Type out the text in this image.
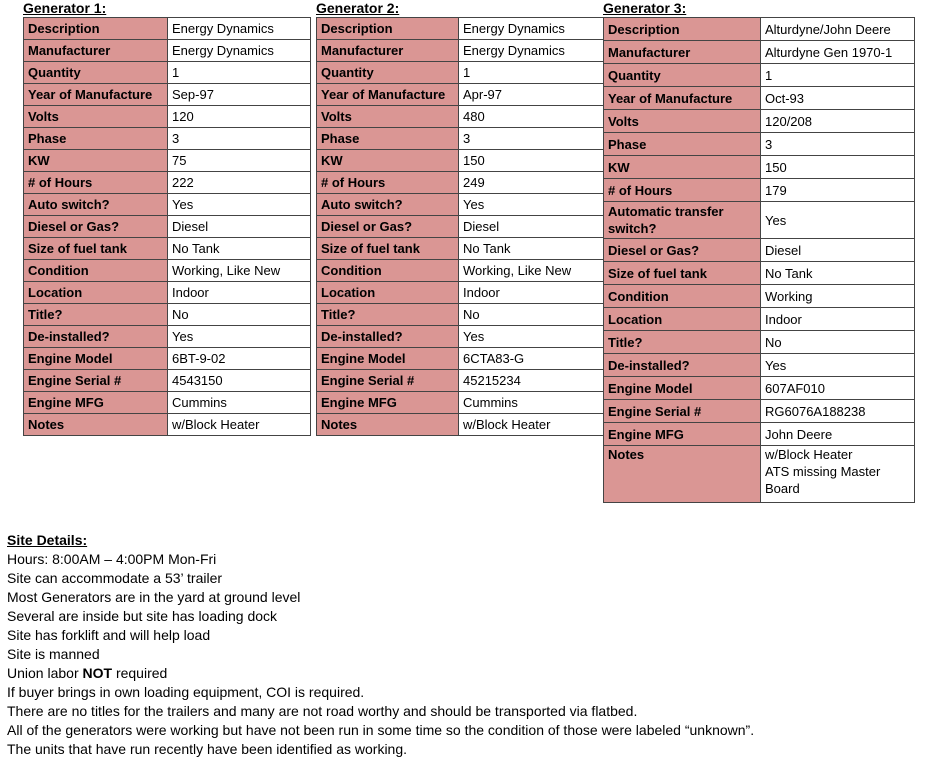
Generator 1:
Description	Energy Dynamics
Manufacturer	Energy Dynamics
Quantity	1
Year of Manufacture	Sep-97
Volts	120
Phase	3
KW	75
# of Hours	222
Auto switch?	Yes
Diesel or Gas?	Diesel
Size of fuel tank	No Tank
Condition	Working, Like New
Location	Indoor
Title?	No
De-installed?	Yes
Engine Model	6BT-9-02
Engine Serial #	4543150
Engine MFG	Cummins
Notes	w/Block Heater
Generator 2:
Description	Energy Dynamics
Manufacturer	Energy Dynamics
Quantity	1
Year of Manufacture	Apr-97
Volts	480
Phase	3
KW	150
# of Hours	249
Auto switch?	Yes
Diesel or Gas?	Diesel
Size of fuel tank	No Tank
Condition	Working, Like New
Location	Indoor
Title?	No
De-installed?	Yes
Engine Model	6CTA83-G
Engine Serial #	45215234
Engine MFG	Cummins
Notes	w/Block Heater
Generator 3:
Description	Alturdyne/John Deere
Manufacturer	Alturdyne Gen 1970-1
Quantity	1
Year of Manufacture	Oct-93
Volts	120/208
Phase	3
KW	150
# of Hours	179
Automatic transfer switch?	Yes
Diesel or Gas?	Diesel
Size of fuel tank	No Tank
Condition	Working
Location	Indoor
Title?	No
De-installed?	Yes
Engine Model	607AF010
Engine Serial #	RG6076A188238
Engine MFG	John Deere
Notes	w/Block Heater
ATS missing Master Board
Site Details:
Hours: 8:00AM – 4:00PM Mon-Fri
Site can accommodate a 53’ trailer
Most Generators are in the yard at ground level
Several are inside but site has loading dock
Site has forklift and will help load
Site is manned
Union labor NOT required
If buyer brings in own loading equipment, COI is required.
There are no titles for the trailers and many are not road worthy and should be transported via flatbed.
All of the generators were working but have not been run in some time so the condition of those were labeled “unknown”.
The units that have run recently have been identified as working.
